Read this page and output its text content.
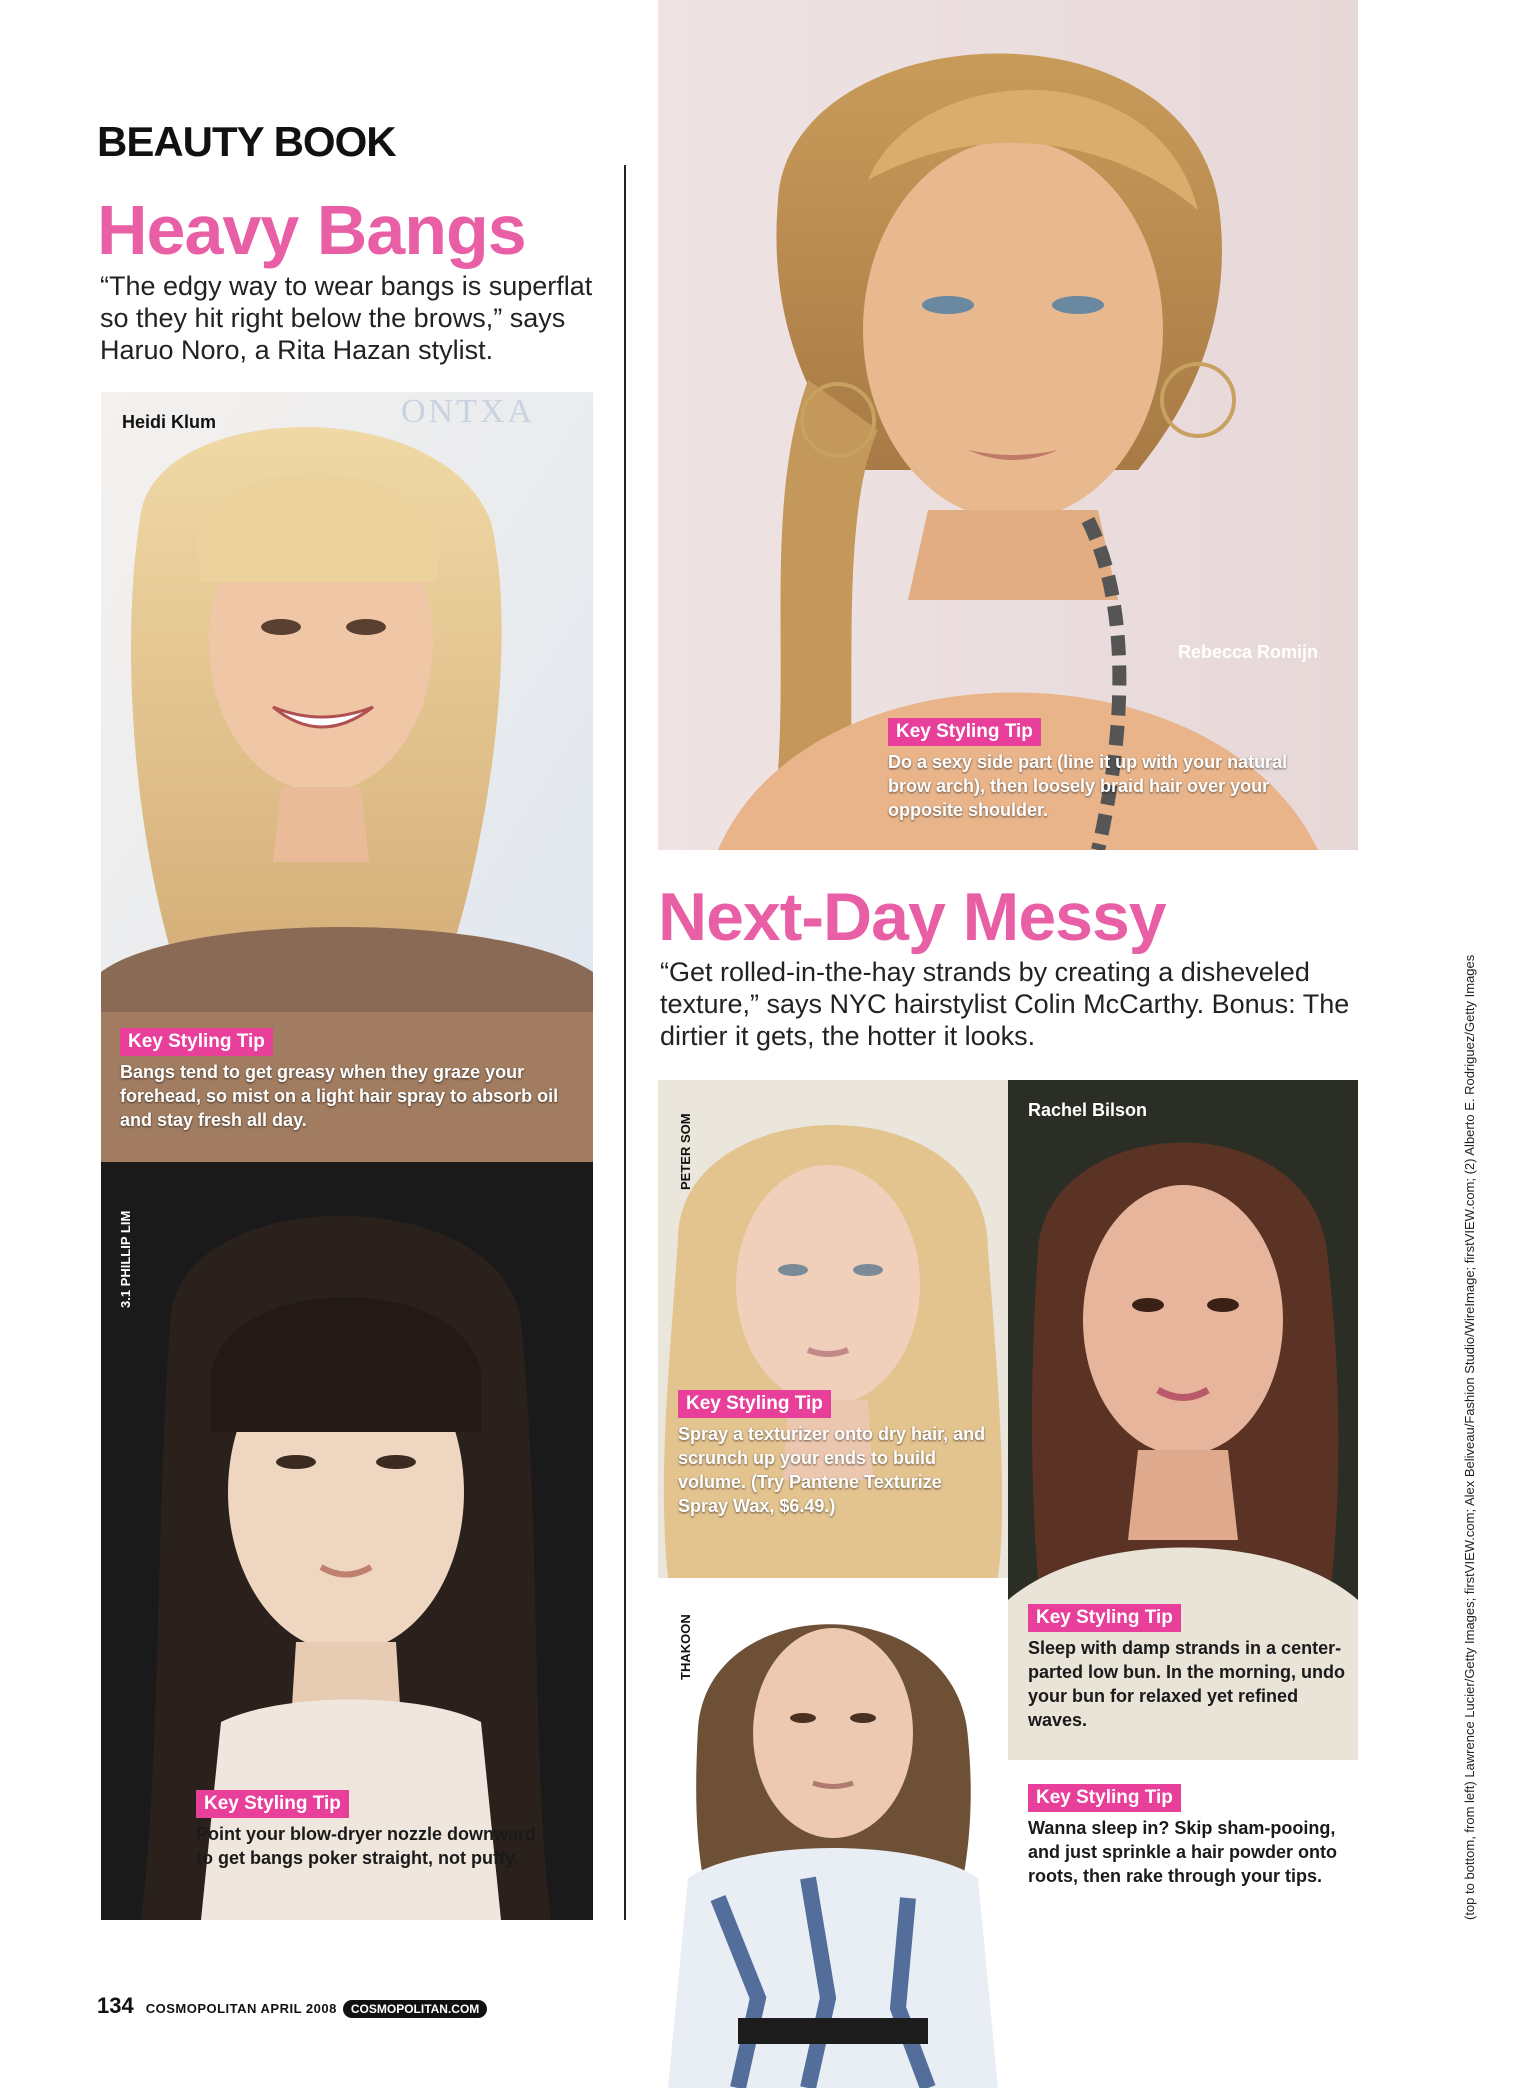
BEAUTY BOOK
Heavy Bangs
“The edgy way to wear bangs is superflat so they hit right below the brows,” says Haruo Noro, a Rita Hazan stylist.
ONTXA
Heidi Klum
Key Styling Tip
Bangs tend to get greasy when they graze your forehead, so mist on a light hair spray to absorb oil and stay fresh all day.
3.1 PHILLIP LIM
Key Styling Tip
Point your blow-dryer nozzle downward to get bangs poker straight, not puffy.
Rebecca Romijn
Key Styling Tip
Do a sexy side part (line it up with your natural brow arch), then loosely braid hair over your opposite shoulder.
Next-Day Messy
“Get rolled-in-the-hay strands by creating a disheveled texture,” says NYC hairstylist Colin McCarthy. Bonus: The dirtier it gets, the hotter it looks.
PETER SOM
Key Styling Tip
Spray a texturizer onto dry hair, and scrunch up your ends to build volume. (Try Pantene Texturize Spray Wax, $6.49.)
Rachel Bilson
Key Styling Tip
Sleep with damp strands in a center-parted low bun. In the morning, undo your bun for relaxed yet refined waves.
THAKOON
Key Styling Tip
Wanna sleep in? Skip sham-pooing, and just sprinkle a hair powder onto roots, then rake through your tips.
134 COSMOPOLITAN APRIL 2008 COSMOPOLITAN.COM
(top to bottom, from left) Lawrence Lucier/Getty Images; firstVIEW.com; Alex Beliveau/Fashion Studio/WireImage; firstVIEW.com; (2) Alberto E. Rodriguez/Getty Images
